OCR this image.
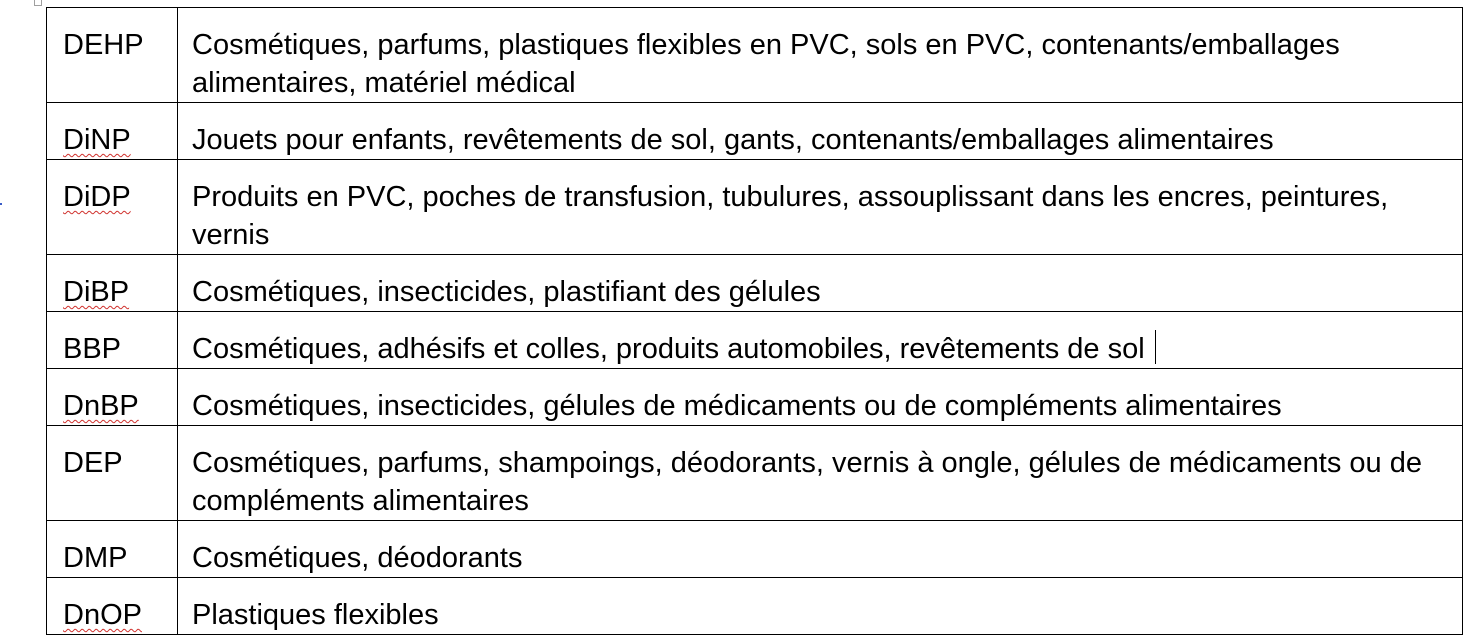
DEHP	Cosmétiques, parfums, plastiques flexibles en PVC, sols en PVC, contenants/emballages alimentaires, matériel médical
DiNP	Jouets pour enfants, revêtements de sol, gants, contenants/emballages alimentaires
DiDP	Produits en PVC, poches de transfusion, tubulures, assouplissant dans les encres, peintures, vernis
DiBP	Cosmétiques, insecticides, plastifiant des gélules
BBP	Cosmétiques, adhésifs et colles, produits automobiles, revêtements de sol
DnBP	Cosmétiques, insecticides, gélules de médicaments ou de compléments alimentaires
DEP	Cosmétiques, parfums, shampoings, déodorants, vernis à ongle, gélules de médicaments ou de compléments alimentaires
DMP	Cosmétiques, déodorants
DnOP	Plastiques flexibles
